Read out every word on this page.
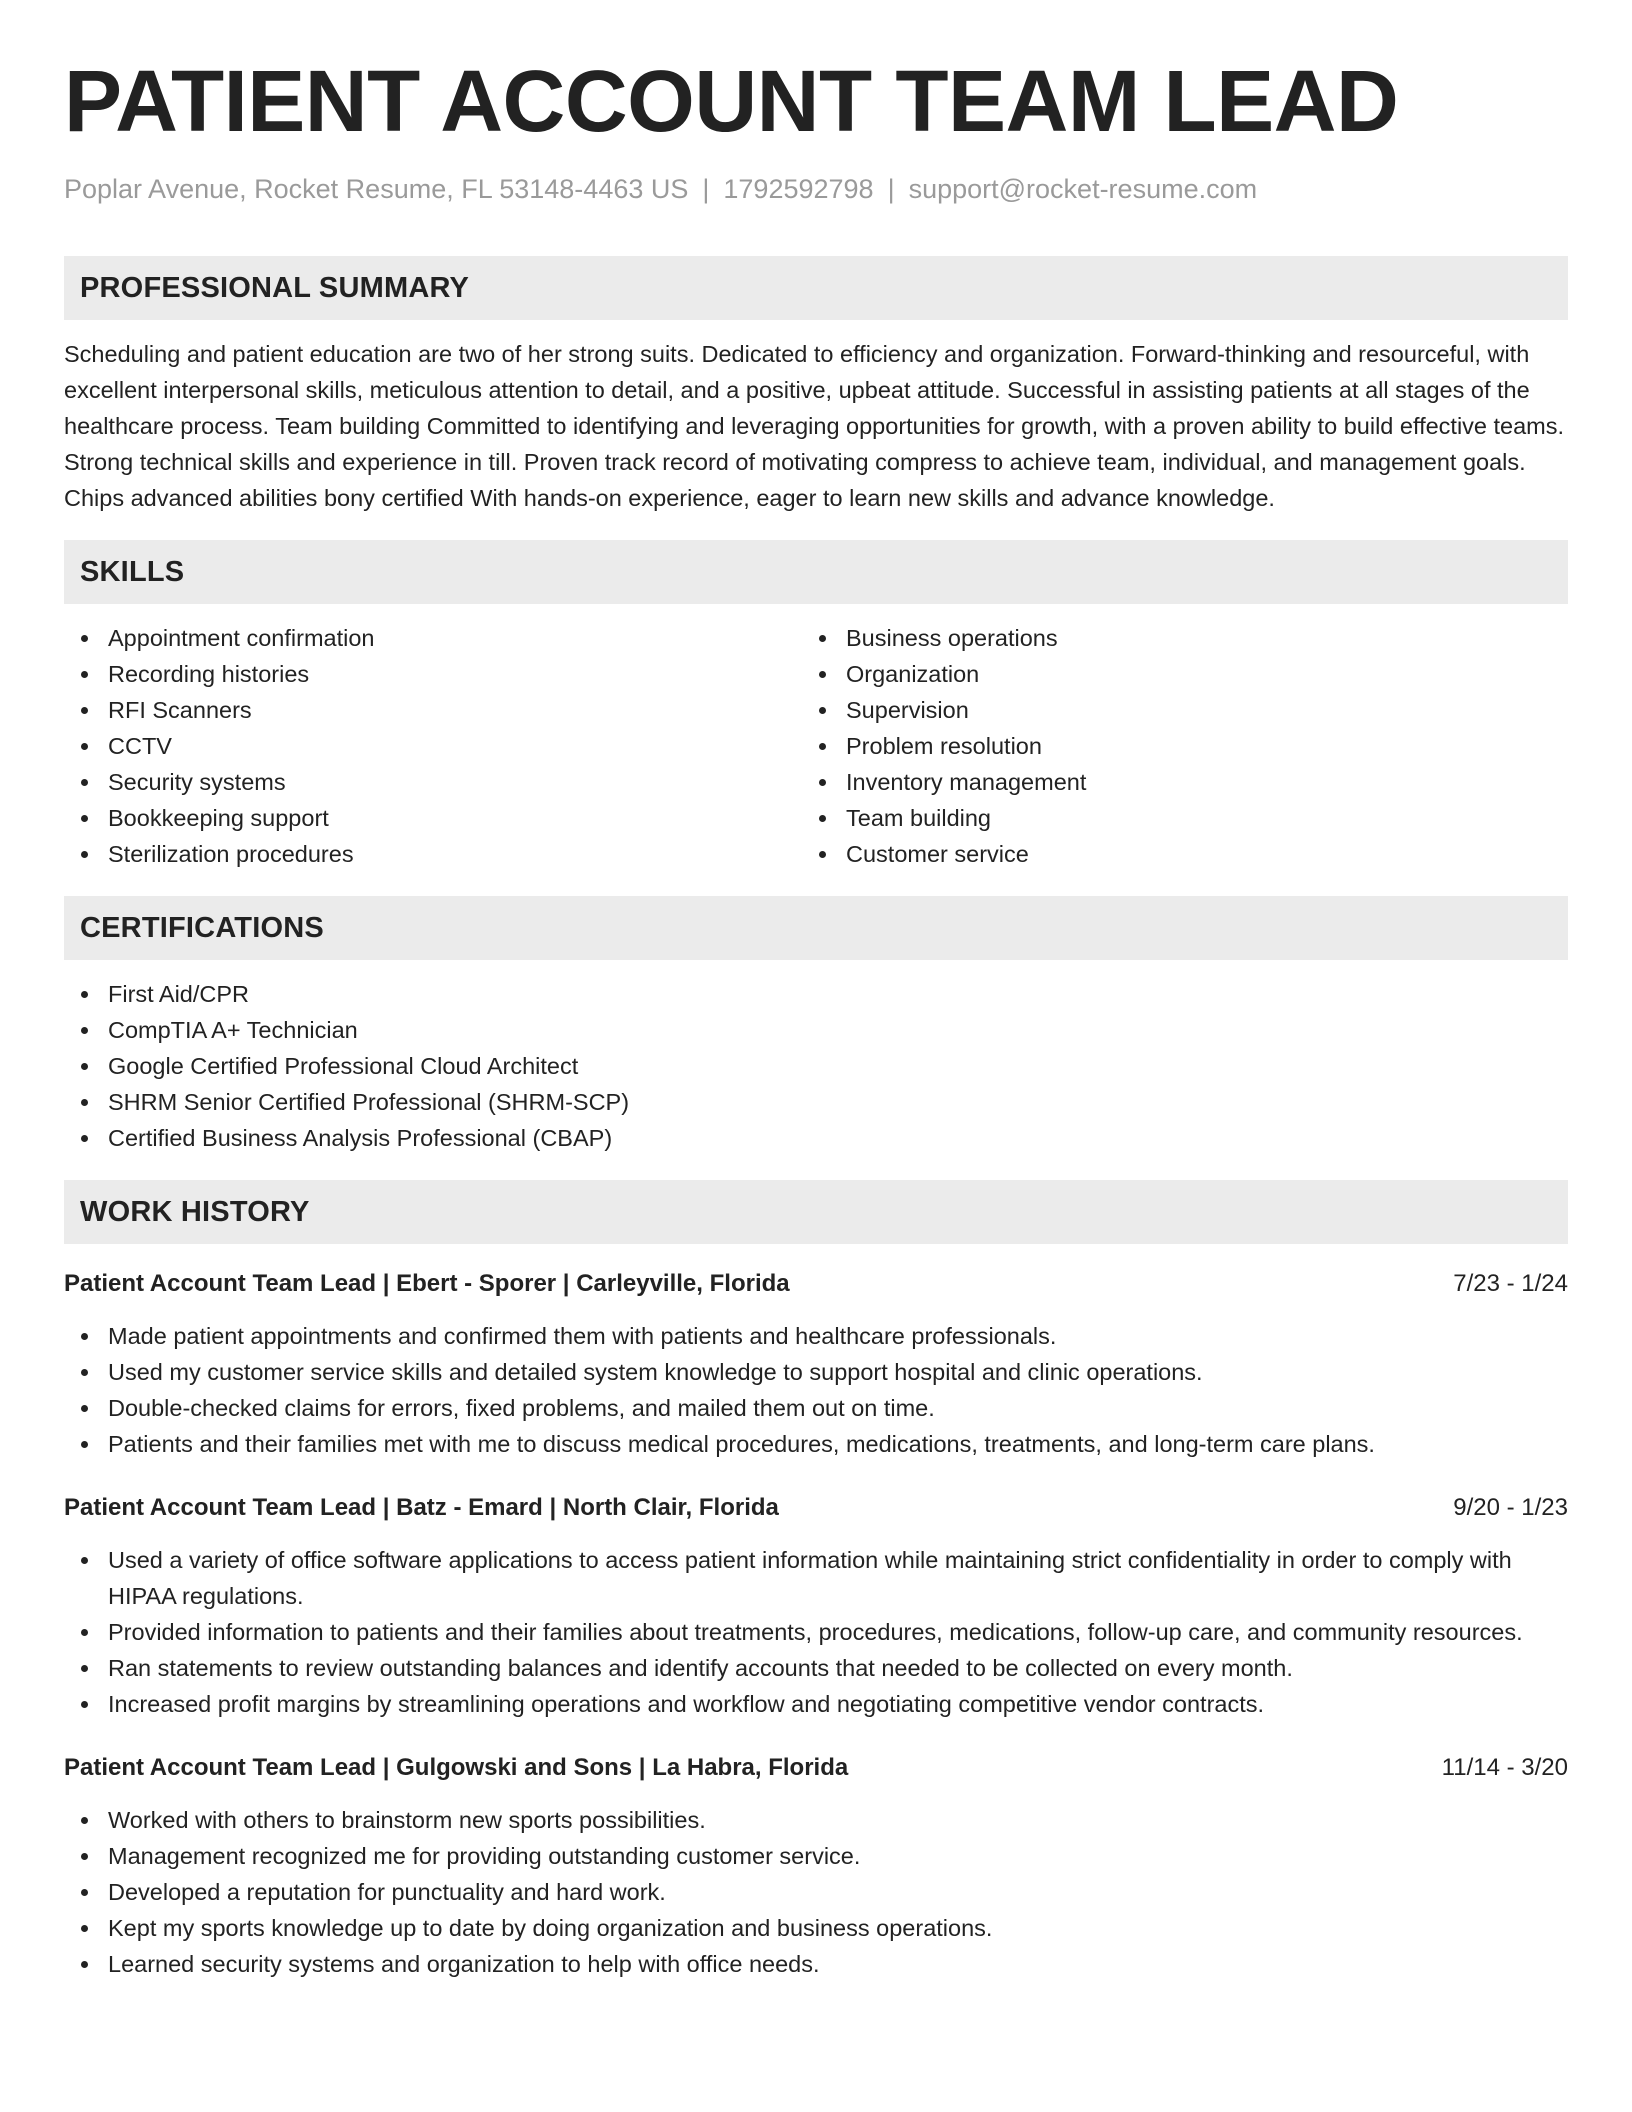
PATIENT ACCOUNT TEAM LEAD
Poplar Avenue, Rocket Resume, FL 53148-4463 US | 1792592798 | support@rocket-resume.com
PROFESSIONAL SUMMARY

Scheduling and patient education are two of her strong suits. Dedicated to efficiency and organization. Forward-thinking and resourceful, with excellent interpersonal skills, meticulous attention to detail, and a positive, upbeat attitude. Successful in assisting patients at all stages of the healthcare process. Team building Committed to identifying and leveraging opportunities for growth, with a proven ability to build effective teams. Strong technical skills and experience in till. Proven track record of motivating compress to achieve team, individual, and management goals. Chips advanced abilities bony certified With hands-on experience, eager to learn new skills and advance knowledge.

SKILLS
Appointment confirmation
Recording histories
RFI Scanners
CCTV
Security systems
Bookkeeping support
Sterilization procedures
Business operations
Organization
Supervision
Problem resolution
Inventory management
Team building
Customer service
CERTIFICATIONS
First Aid/CPR
CompTIA A+ Technician
Google Certified Professional Cloud Architect
SHRM Senior Certified Professional (SHRM-SCP)
Certified Business Analysis Professional (CBAP)
WORK HISTORY
Patient Account Team Lead | Ebert - Sporer | Carleyville, Florida	7/23 - 1/24
Made patient appointments and confirmed them with patients and healthcare professionals.
Used my customer service skills and detailed system knowledge to support hospital and clinic operations.
Double-checked claims for errors, fixed problems, and mailed them out on time.
Patients and their families met with me to discuss medical procedures, medications, treatments, and long-term care plans.
Patient Account Team Lead | Batz - Emard | North Clair, Florida	9/20 - 1/23
Used a variety of office software applications to access patient information while maintaining strict confidentiality in order to comply with HIPAA regulations.
Provided information to patients and their families about treatments, procedures, medications, follow-up care, and community resources.
Ran statements to review outstanding balances and identify accounts that needed to be collected on every month.
Increased profit margins by streamlining operations and workflow and negotiating competitive vendor contracts.
Patient Account Team Lead | Gulgowski and Sons | La Habra, Florida	11/14 - 3/20
Worked with others to brainstorm new sports possibilities.
Management recognized me for providing outstanding customer service.
Developed a reputation for punctuality and hard work.
Kept my sports knowledge up to date by doing organization and business operations.
Learned security systems and organization to help with office needs.
